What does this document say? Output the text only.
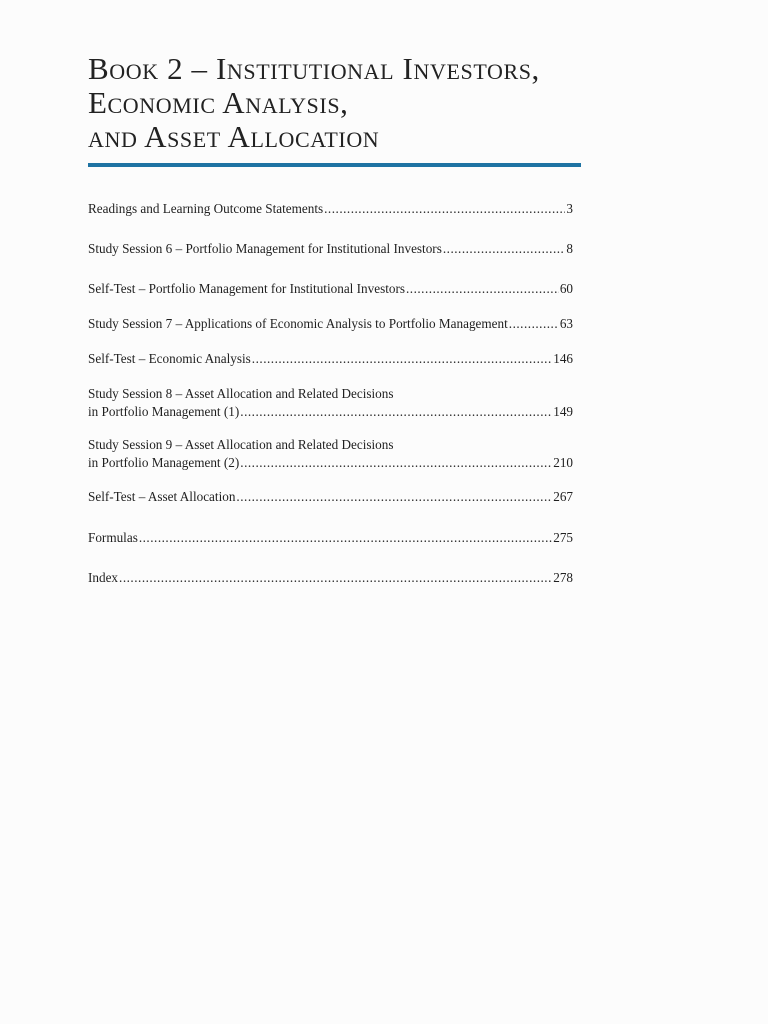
Book 2 – Institutional Investors,
Economic Analysis,
and Asset Allocation
Readings and Learning Outcome Statements .....	3
Study Session 6 – Portfolio Management for Institutional Investors .....	8
Self-Test – Portfolio Management for Institutional Investors .....	60
Study Session 7 – Applications of Economic Analysis to Portfolio Management .....	63
Self-Test – Economic Analysis .....	146
Study Session 8 – Asset Allocation and Related Decisions
in Portfolio Management (1) .....	149
Study Session 9 – Asset Allocation and Related Decisions
in Portfolio Management (2) .....	210
Self-Test – Asset Allocation .....	267
Formulas .....	275
Index .....	278
